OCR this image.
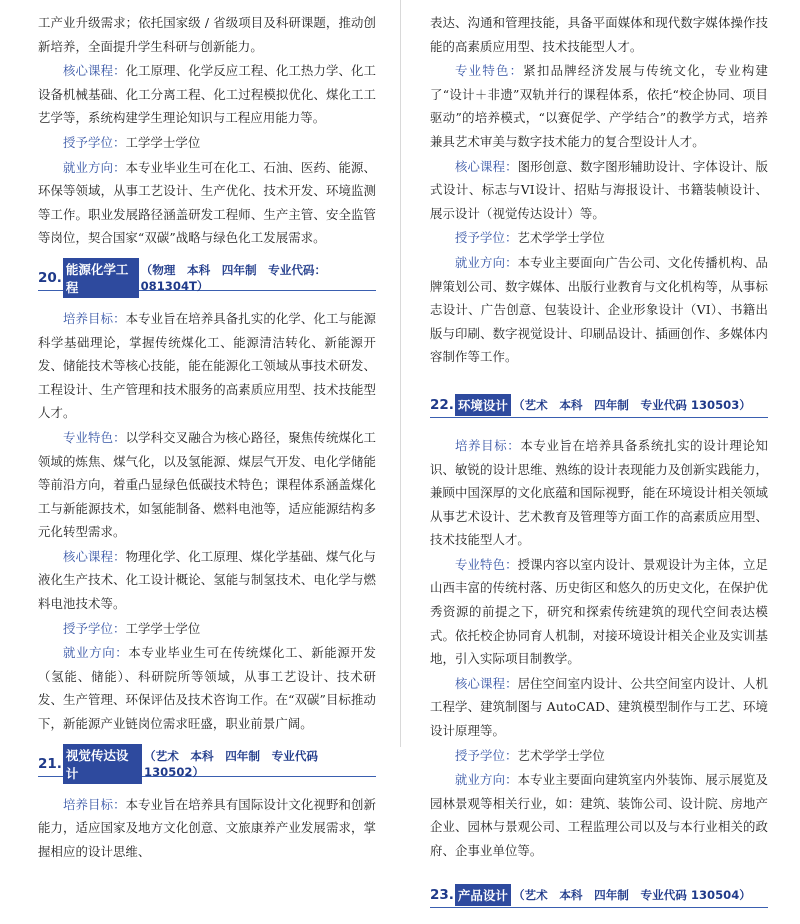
工产业升级需求；依托国家级 / 省级项目及科研课题，推动创新培养，全面提升学生科研与创新能力。

核心课程：化工原理、化学反应工程、化工热力学、化工设备机械基础、化工分离工程、化工过程模拟优化、煤化工工艺学等，系统构建学生理论知识与工程应用能力等。

授予学位：工学学士学位

就业方向：本专业毕业生可在化工、石油、医药、能源、环保等领域，从事工艺设计、生产优化、技术开发、环境监测等工作。职业发展路径涵盖研发工程师、生产主管、安全监管等岗位，契合国家“双碳”战略与绿色化工发展需求。

20.
能源化学工程
（物理　本科　四年制　专业代码：081304T）

培养目标：本专业旨在培养具备扎实的化学、化工与能源科学基础理论，掌握传统煤化工、能源清洁转化、新能源开发、储能技术等核心技能，能在能源化工领域从事技术研发、工程设计、生产管理和技术服务的高素质应用型、技术技能型人才。

专业特色：以学科交叉融合为核心路径，聚焦传统煤化工领域的炼焦、煤气化，以及氢能源、煤层气开发、电化学储能等前沿方向，着重凸显绿色低碳技术特色；课程体系涵盖煤化工与新能源技术，如氢能制备、燃料电池等，适应能源结构多元化转型需求。

核心课程：物理化学、化工原理、煤化学基础、煤气化与液化生产技术、化工设计概论、氢能与制氢技术、电化学与燃料电池技术等。

授予学位：工学学士学位

就业方向：本专业毕业生可在传统煤化工、新能源开发（氢能、储能）、科研院所等领域，从事工艺设计、技术研发、生产管理、环保评估及技术咨询工作。在“双碳”目标推动下，新能源产业链岗位需求旺盛，职业前景广阔。

21.
视觉传达设计
（艺术　本科　四年制　专业代码 130502）

培养目标：本专业旨在培养具有国际设计文化视野和创新能力，适应国家及地方文化创意、文旅康养产业发展需求，掌握相应的设计思维、

表达、沟通和管理技能，具备平面媒体和现代数字媒体操作技能的高素质应用型、技术技能型人才。

专业特色：紧扣品牌经济发展与传统文化，专业构建了“设计＋非遗”双轨并行的课程体系，依托“校企协同、项目驱动”的培养模式，“以赛促学、产学结合”的教学方式，培养兼具艺术审美与数字技术能力的复合型设计人才。

核心课程：图形创意、数字图形辅助设计、字体设计、版式设计、标志与VI设计、招贴与海报设计、书籍装帧设计、展示设计（视觉传达设计）等。

授予学位：艺术学学士学位

就业方向：本专业主要面向广告公司、文化传播机构、品牌策划公司、数字媒体、出版行业教育与文化机构等，从事标志设计、广告创意、包装设计、企业形象设计（VI）、书籍出版与印刷、数字视觉设计、印刷品设计、插画创作、多媒体内容制作等工作。

22. 环境设计 （艺术　本科　四年制　专业代码 130503）

培养目标：本专业旨在培养具备系统扎实的设计理论知识、敏锐的设计思维、熟练的设计表现能力及创新实践能力，兼顾中国深厚的文化底蕴和国际视野，能在环境设计相关领域从事艺术设计、艺术教育及管理等方面工作的高素质应用型、技术技能型人才。

专业特色：授课内容以室内设计、景观设计为主体，立足山西丰富的传统村落、历史街区和悠久的历史文化，在保护优秀资源的前提之下，研究和探索传统建筑的现代空间表达模式。依托校企协同育人机制，对接环境设计相关企业及实训基地，引入实际项目制教学。

核心课程：居住空间室内设计、公共空间室内设计、人机工程学、建筑制图与 AutoCAD、建筑模型制作与工艺、环境设计原理等。

授予学位：艺术学学士学位

就业方向：本专业主要面向建筑室内外装饰、展示展览及园林景观等相关行业，如：建筑、装饰公司、设计院、房地产企业、园林与景观公司、工程监理公司以及与本行业相关的政府、企事业单位等。

23. 产品设计 （艺术　本科　四年制　专业代码 130504）
